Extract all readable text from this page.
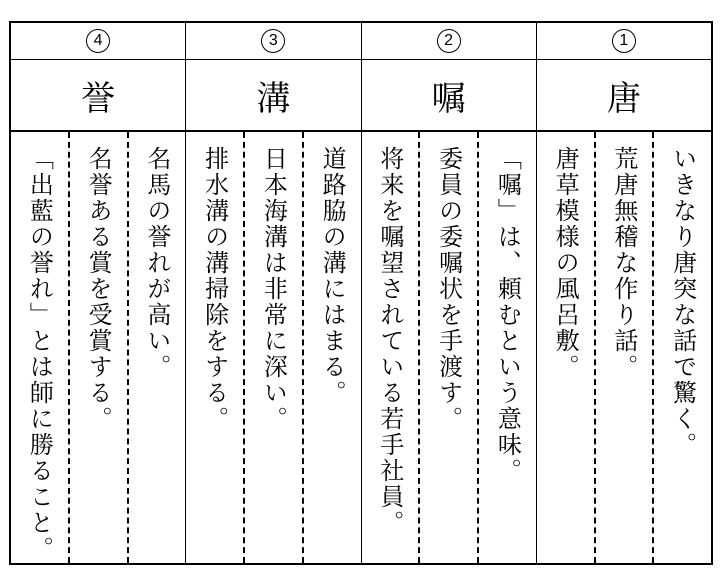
1
2
3
4
唐
嘱
溝
誉
いきなり唐突な話で驚く。
荒唐無稽な作り話。
唐草模様の風呂敷。
「嘱」は、頼むという意味。
委員の委嘱状を手渡す。
将来を嘱望されている若手社員。
道路脇の溝にはまる。
日本海溝は非常に深い。
排水溝の溝掃除をする。
名馬の誉れが高い。
名誉ある賞を受賞する。
「出藍の誉れ」とは師に勝ること。
